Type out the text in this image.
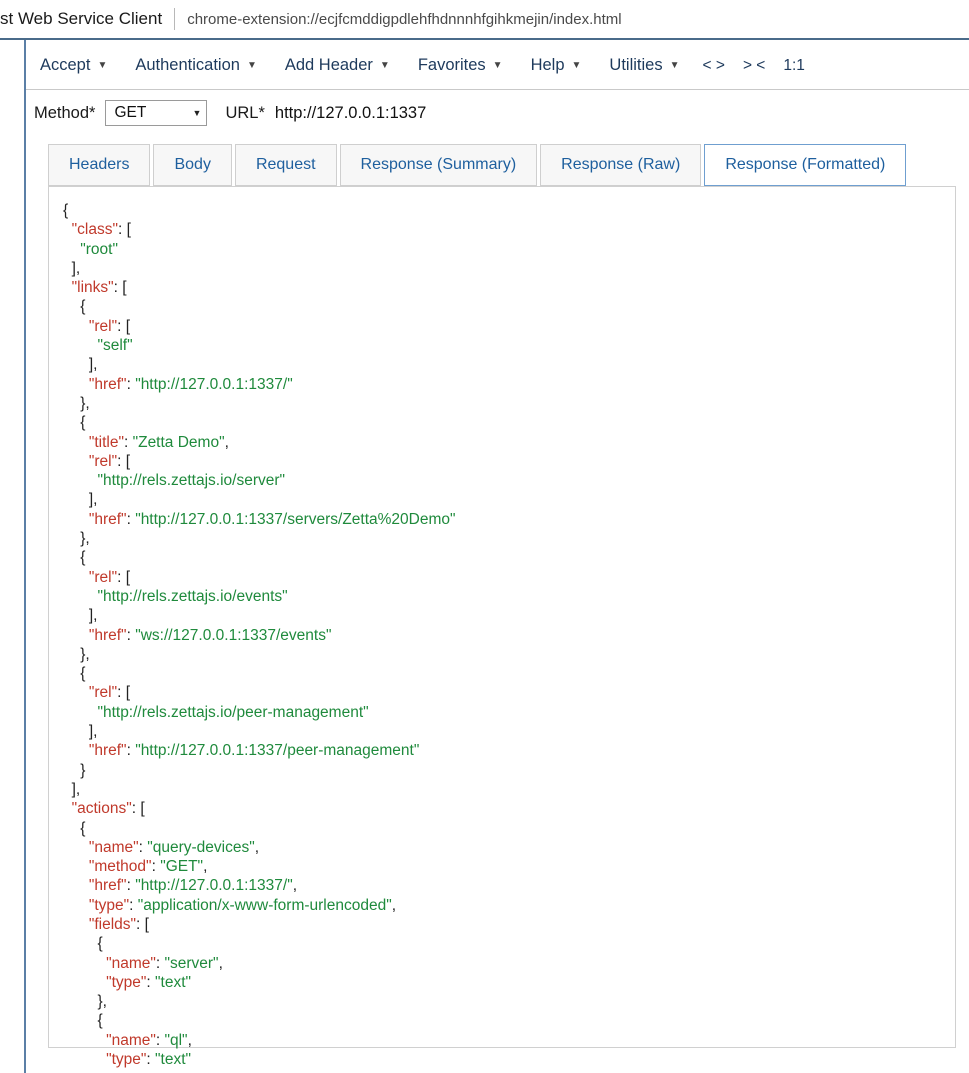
st Web Service Client chrome-extension://ecjfcmddigpdlehfhdnnnhfgihkmejin/index.html
Accept ▼ Authentication ▼ Add Header ▼ Favorites ▼ Help ▼ Utilities ▼	< >	> <	1:1
Method* GET	▼ URL* http://127.0.0.1:1337
Headers	Body	Request	Response (Summary)	Response (Raw)	Response (Formatted)
{
"class": [
"root"
],
"links": [
{
"rel": [
"self"
],
"href": "http://127.0.0.1:1337/"
},
{
"title": "Zetta Demo",
"rel": [
"http://rels.zettajs.io/server"
],
"href": "http://127.0.0.1:1337/servers/Zetta%20Demo"
},
{
"rel": [
"http://rels.zettajs.io/events"
],
"href": "ws://127.0.0.1:1337/events"
},
{
"rel": [
"http://rels.zettajs.io/peer-management"
],
"href": "http://127.0.0.1:1337/peer-management"
}
],
"actions": [
{
"name": "query-devices",
"method": "GET",
"href": "http://127.0.0.1:1337/",
"type": "application/x-www-form-urlencoded",
"fields": [
{
"name": "server",
"type": "text"
},
{
"name": "ql",
"type": "text"
